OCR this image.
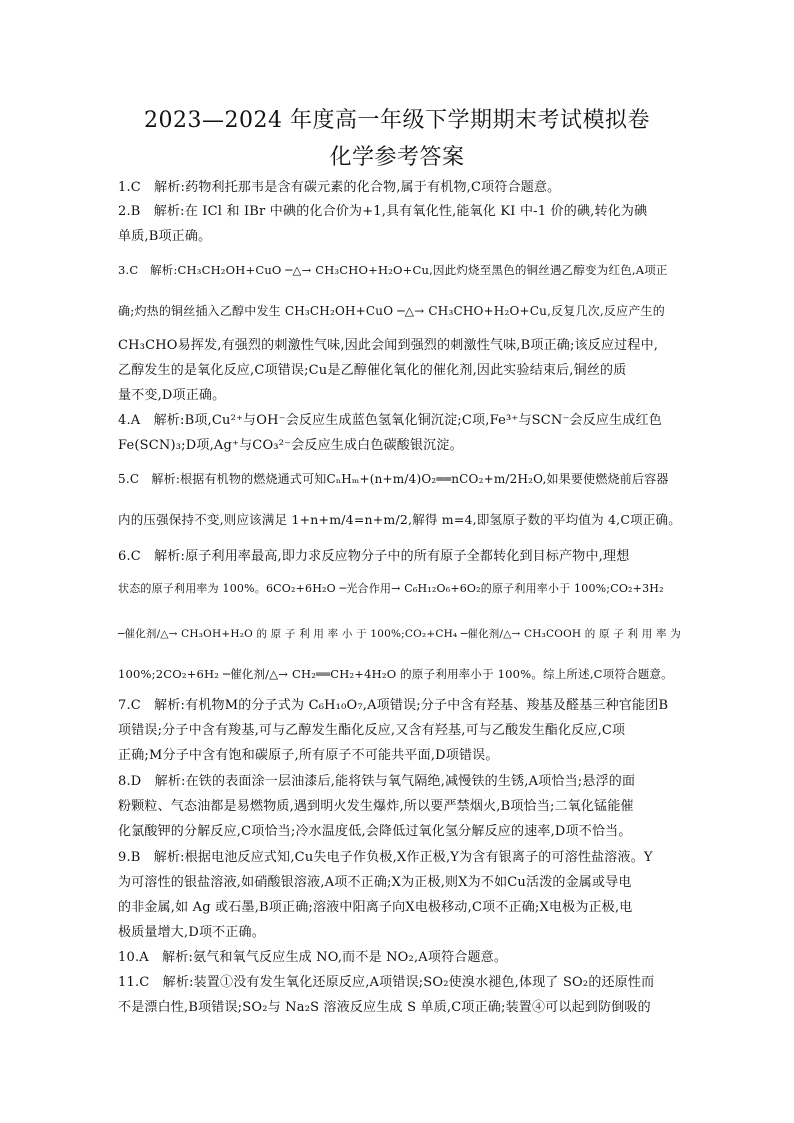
2023—2024 年度高一年级下学期期末考试模拟卷
化学参考答案
1.C　解析:药物利托那韦是含有碳元素的化合物,属于有机物,C项符合题意。
2.B　解析:在 ICl 和 IBr 中碘的化合价为+1,具有氧化性,能氧化 KI 中-1 价的碘,转化为碘
单质,B项正确。
3.C　解析:CH₃CH₂OH+CuO ─△→ CH₃CHO+H₂O+Cu,因此灼烧至黑色的铜丝遇乙醇变为红色,A项正
确;灼热的铜丝插入乙醇中发生 CH₃CH₂OH+CuO ─△→ CH₃CHO+H₂O+Cu,反复几次,反应产生的
CH₃CHO易挥发,有强烈的刺激性气味,因此会闻到强烈的刺激性气味,B项正确;该反应过程中,
乙醇发生的是氧化反应,C项错误;Cu是乙醇催化氧化的催化剂,因此实验结束后,铜丝的质
量不变,D项正确。
4.A　解析:B项,Cu²⁺与OH⁻会反应生成蓝色氢氧化铜沉淀;C项,Fe³⁺与SCN⁻会反应生成红色
Fe(SCN)₃;D项,Ag⁺与CO₃²⁻会反应生成白色碳酸银沉淀。
5.C　解析:根据有机物的燃烧通式可知CₙHₘ+(n+m/4)O₂══nCO₂+m/2H₂O,如果要使燃烧前后容器
内的压强保持不变,则应该满足 1+n+m/4=n+m/2,解得 m=4,即氢原子数的平均值为 4,C项正确。
6.C　解析:原子利用率最高,即力求反应物分子中的所有原子全都转化到目标产物中,理想
状态的原子利用率为 100%。6CO₂+6H₂O ─光合作用→ C₆H₁₂O₆+6O₂的原子利用率小于 100%;CO₂+3H₂
─催化剂/△→ CH₃OH+H₂O 的 原 子 利 用 率 小 于 100%;CO₂+CH₄ ─催化剂/△→ CH₃COOH 的 原 子 利 用 率 为
100%;2CO₂+6H₂ ─催化剂/△→ CH₂══CH₂+4H₂O 的原子利用率小于 100%。综上所述,C项符合题意。
7.C　解析:有机物M的分子式为 C₆H₁₀O₇,A项错误;分子中含有羟基、羧基及醛基三种官能团B
项错误;分子中含有羧基,可与乙醇发生酯化反应,又含有羟基,可与乙酸发生酯化反应,C项
正确;M分子中含有饱和碳原子,所有原子不可能共平面,D项错误。
8.D　解析:在铁的表面涂一层油漆后,能将铁与氧气隔绝,减慢铁的生锈,A项恰当;悬浮的面
粉颗粒、气态油都是易燃物质,遇到明火发生爆炸,所以要严禁烟火,B项恰当;二氧化锰能催
化氯酸钾的分解反应,C项恰当;冷水温度低,会降低过氧化氢分解反应的速率,D项不恰当。
9.B　解析:根据电池反应式知,Cu失电子作负极,X作正极,Y为含有银离子的可溶性盐溶液。Y
为可溶性的银盐溶液,如硝酸银溶液,A项不正确;X为正极,则X为不如Cu活泼的金属或导电
的非金属,如 Ag 或石墨,B项正确;溶液中阳离子向X电极移动,C项不正确;X电极为正极,电
极质量增大,D项不正确。
10.A　解析:氨气和氧气反应生成 NO,而不是 NO₂,A项符合题意。
11.C　解析:装置①没有发生氧化还原反应,A项错误;SO₂使溴水褪色,体现了 SO₂的还原性而
不是漂白性,B项错误;SO₂与 Na₂S 溶液反应生成 S 单质,C项正确;装置④可以起到防倒吸的
